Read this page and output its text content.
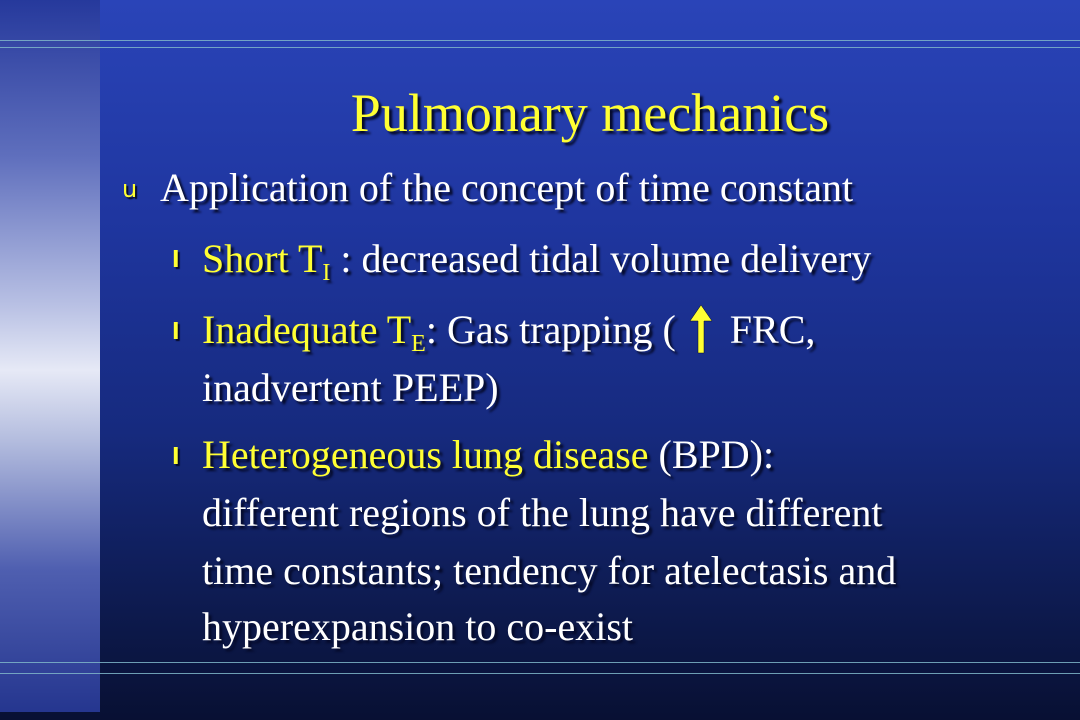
Pulmonary mechanics
u Application of the concept of time constant
l Short $T_I$ : decreased tidal volume delivery
l Inadequate $T_E$: Gas trapping (  FRC,
inadvertent PEEP)
l Heterogeneous lung disease (BPD):
different regions of the lung have different
time constants; tendency for atelectasis and
hyperexpansion to co-exist
